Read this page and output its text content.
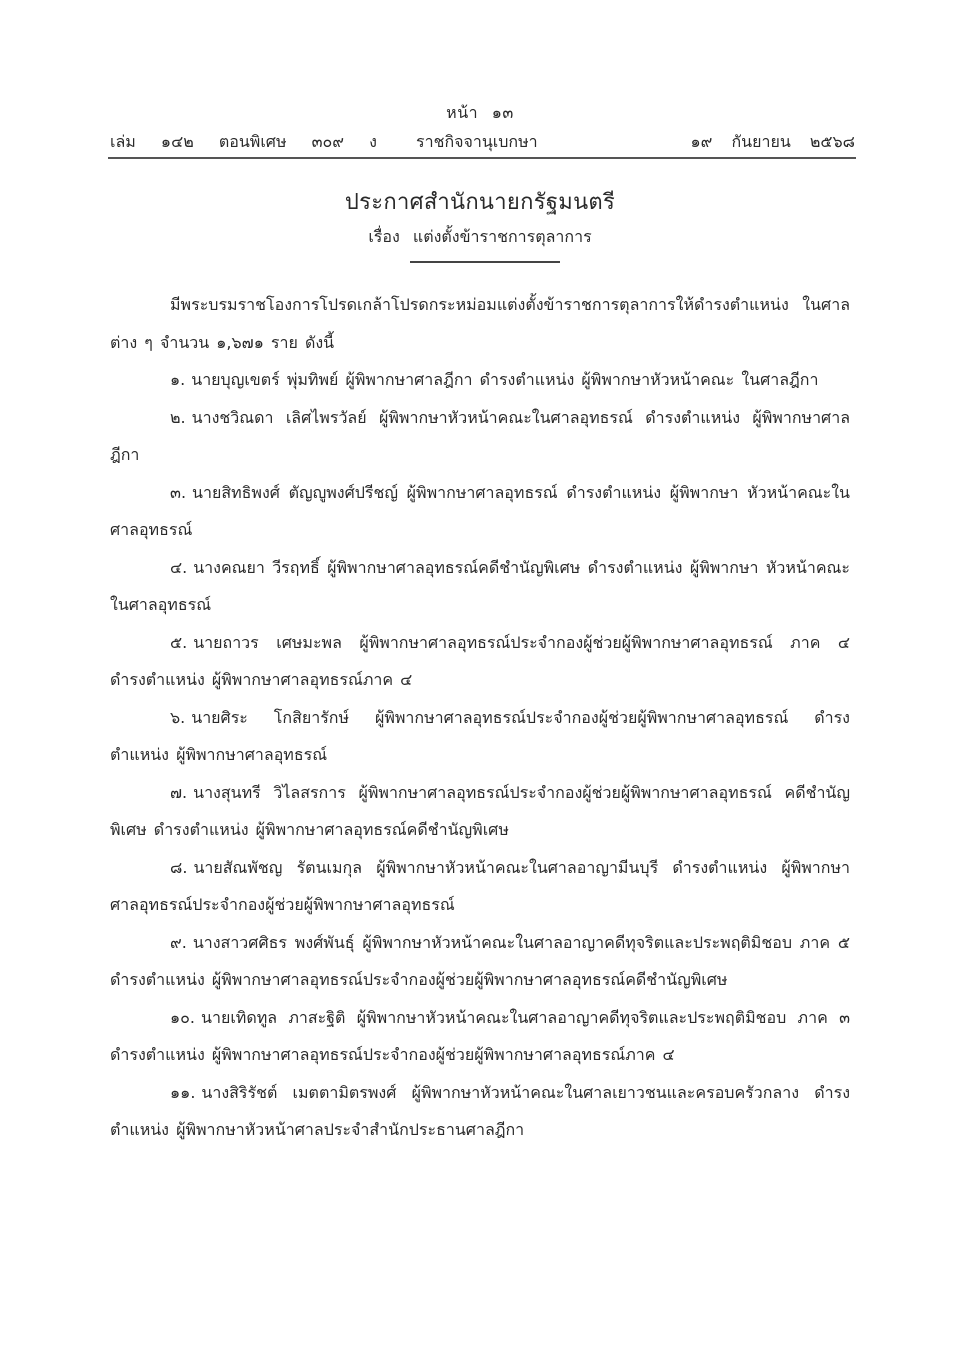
หน้า ๑๓
เล่ม ๑๔๒ ตอนพิเศษ ๓๐๙ ง	ราชกิจจานุเบกษา	๑๙ กันยายน ๒๕๖๘
ประกาศสำนักนายกรัฐมนตรี
เรื่อง แต่งตั้งข้าราชการตุลาการ

มีพระบรมราชโองการโปรดเกล้าโปรดกระหม่อมแต่งตั้งข้าราชการตุลาการให้ดำรงตำแหน่ง ในศาลต่าง ๆ จำนวน ๑,๖๗๑ ราย ดังนี้

๑. นายบุญเขตร์ พุ่มทิพย์ ผู้พิพากษาศาลฎีกา ดำรงตำแหน่ง ผู้พิพากษาหัวหน้าคณะ ในศาลฎีกา

๒. นางชวิณดา เลิศไพรวัลย์ ผู้พิพากษาหัวหน้าคณะในศาลอุทธรณ์ ดำรงตำแหน่ง ผู้พิพากษาศาลฎีกา

๓. นายสิทธิพงศ์ ตัญญูพงศ์ปรีชญ์ ผู้พิพากษาศาลอุทธรณ์ ดำรงตำแหน่ง ผู้พิพากษา หัวหน้าคณะในศาลอุทธรณ์

๔. นางคณยา วีรฤทธิ์ ผู้พิพากษาศาลอุทธรณ์คดีชำนัญพิเศษ ดำรงตำแหน่ง ผู้พิพากษา หัวหน้าคณะในศาลอุทธรณ์

๕. นายถาวร เศษมะพล ผู้พิพากษาศาลอุทธรณ์ประจำกองผู้ช่วยผู้พิพากษาศาลอุทธรณ์ ภาค ๔ ดำรงตำแหน่ง ผู้พิพากษาศาลอุทธรณ์ภาค ๔

๖. นายศิระ โกสิยารักษ์ ผู้พิพากษาศาลอุทธรณ์ประจำกองผู้ช่วยผู้พิพากษาศาลอุทธรณ์ ดำรงตำแหน่ง ผู้พิพากษาศาลอุทธรณ์

๗. นางสุนทรี วิไลสรการ ผู้พิพากษาศาลอุทธรณ์ประจำกองผู้ช่วยผู้พิพากษาศาลอุทธรณ์ คดีชำนัญพิเศษ ดำรงตำแหน่ง ผู้พิพากษาศาลอุทธรณ์คดีชำนัญพิเศษ

๘. นายสัณพัชญ รัตนเมกุล ผู้พิพากษาหัวหน้าคณะในศาลอาญามีนบุรี ดำรงตำแหน่ง ผู้พิพากษาศาลอุทธรณ์ประจำกองผู้ช่วยผู้พิพากษาศาลอุทธรณ์

๙. นางสาวศศิธร พงศ์พันธุ์ ผู้พิพากษาหัวหน้าคณะในศาลอาญาคดีทุจริตและประพฤติมิชอบ ภาค ๕ ดำรงตำแหน่ง ผู้พิพากษาศาลอุทธรณ์ประจำกองผู้ช่วยผู้พิพากษาศาลอุทธรณ์คดีชำนัญพิเศษ

๑๐. นายเทิดทูล ภาสะฐิติ ผู้พิพากษาหัวหน้าคณะในศาลอาญาคดีทุจริตและประพฤติมิชอบ ภาค ๓ ดำรงตำแหน่ง ผู้พิพากษาศาลอุทธรณ์ประจำกองผู้ช่วยผู้พิพากษาศาลอุทธรณ์ภาค ๔

๑๑. นางสิริรัชต์ เมตตามิตรพงศ์ ผู้พิพากษาหัวหน้าคณะในศาลเยาวชนและครอบครัวกลาง ดำรงตำแหน่ง ผู้พิพากษาหัวหน้าศาลประจำสำนักประธานศาลฎีกา
